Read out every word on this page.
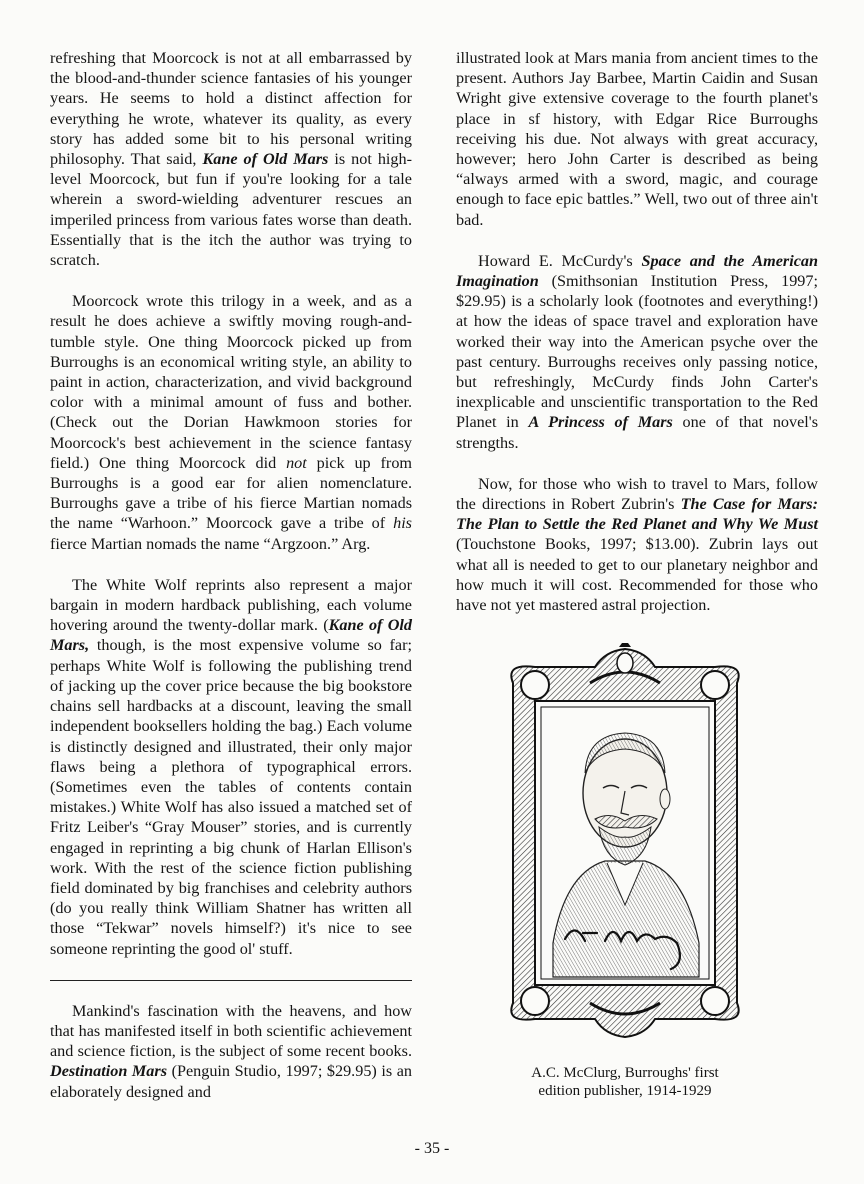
refreshing that Moorcock is not at all embarrassed by the blood-and-thunder science fantasies of his younger years. He seems to hold a distinct affection for everything he wrote, whatever its quality, as every story has added some bit to his personal writing philosophy. That said, Kane of Old Mars is not high-level Moorcock, but fun if you're looking for a tale wherein a sword-wielding adventurer rescues an imperiled princess from various fates worse than death. Essentially that is the itch the author was trying to scratch.

Moorcock wrote this trilogy in a week, and as a result he does achieve a swiftly moving rough-and-tumble style. One thing Moorcock picked up from Burroughs is an economical writing style, an ability to paint in action, characterization, and vivid background color with a minimal amount of fuss and bother. (Check out the Dorian Hawkmoon stories for Moorcock's best achievement in the science fantasy field.) One thing Moorcock did not pick up from Burroughs is a good ear for alien nomenclature. Burroughs gave a tribe of his fierce Martian nomads the name “Warhoon.” Moorcock gave a tribe of his fierce Martian nomads the name “Argzoon.” Arg.

The White Wolf reprints also represent a major bargain in modern hardback publishing, each volume hovering around the twenty-dollar mark. (Kane of Old Mars, though, is the most expensive volume so far; perhaps White Wolf is following the publishing trend of jacking up the cover price because the big bookstore chains sell hardbacks at a discount, leaving the small independent booksellers holding the bag.) Each volume is distinctly designed and illustrated, their only major flaws being a plethora of typographical errors. (Sometimes even the tables of contents contain mistakes.) White Wolf has also issued a matched set of Fritz Leiber's “Gray Mouser” stories, and is currently engaged in reprinting a big chunk of Harlan Ellison's work. With the rest of the science fiction publishing field dominated by big franchises and celebrity authors (do you really think William Shatner has written all those “Tekwar” novels himself?) it's nice to see someone reprinting the good ol' stuff.

Mankind's fascination with the heavens, and how that has manifested itself in both scientific achievement and science fiction, is the subject of some recent books. Destination Mars (Penguin Studio, 1997; $29.95) is an elaborately designed and

illustrated look at Mars mania from ancient times to the present. Authors Jay Barbee, Martin Caidin and Susan Wright give extensive coverage to the fourth planet's place in sf history, with Edgar Rice Burroughs receiving his due. Not always with great accuracy, however; hero John Carter is described as being “always armed with a sword, magic, and courage enough to face epic battles.” Well, two out of three ain't bad.

Howard E. McCurdy's Space and the American Imagination (Smithsonian Institution Press, 1997; $29.95) is a scholarly look (footnotes and everything!) at how the ideas of space travel and exploration have worked their way into the American psyche over the past century. Burroughs receives only passing notice, but refreshingly, McCurdy finds John Carter's inexplicable and unscientific transportation to the Red Planet in A Princess of Mars one of that novel's strengths.

Now, for those who wish to travel to Mars, follow the directions in Robert Zubrin's The Case for Mars: The Plan to Settle the Red Planet and Why We Must (Touchstone Books, 1997; $13.00). Zubrin lays out what all is needed to get to our planetary neighbor and how much it will cost. Recommended for those who have not yet mastered astral projection.

A.C. McClurg, Burroughs' first
edition publisher, 1914-1929
- 35 -
